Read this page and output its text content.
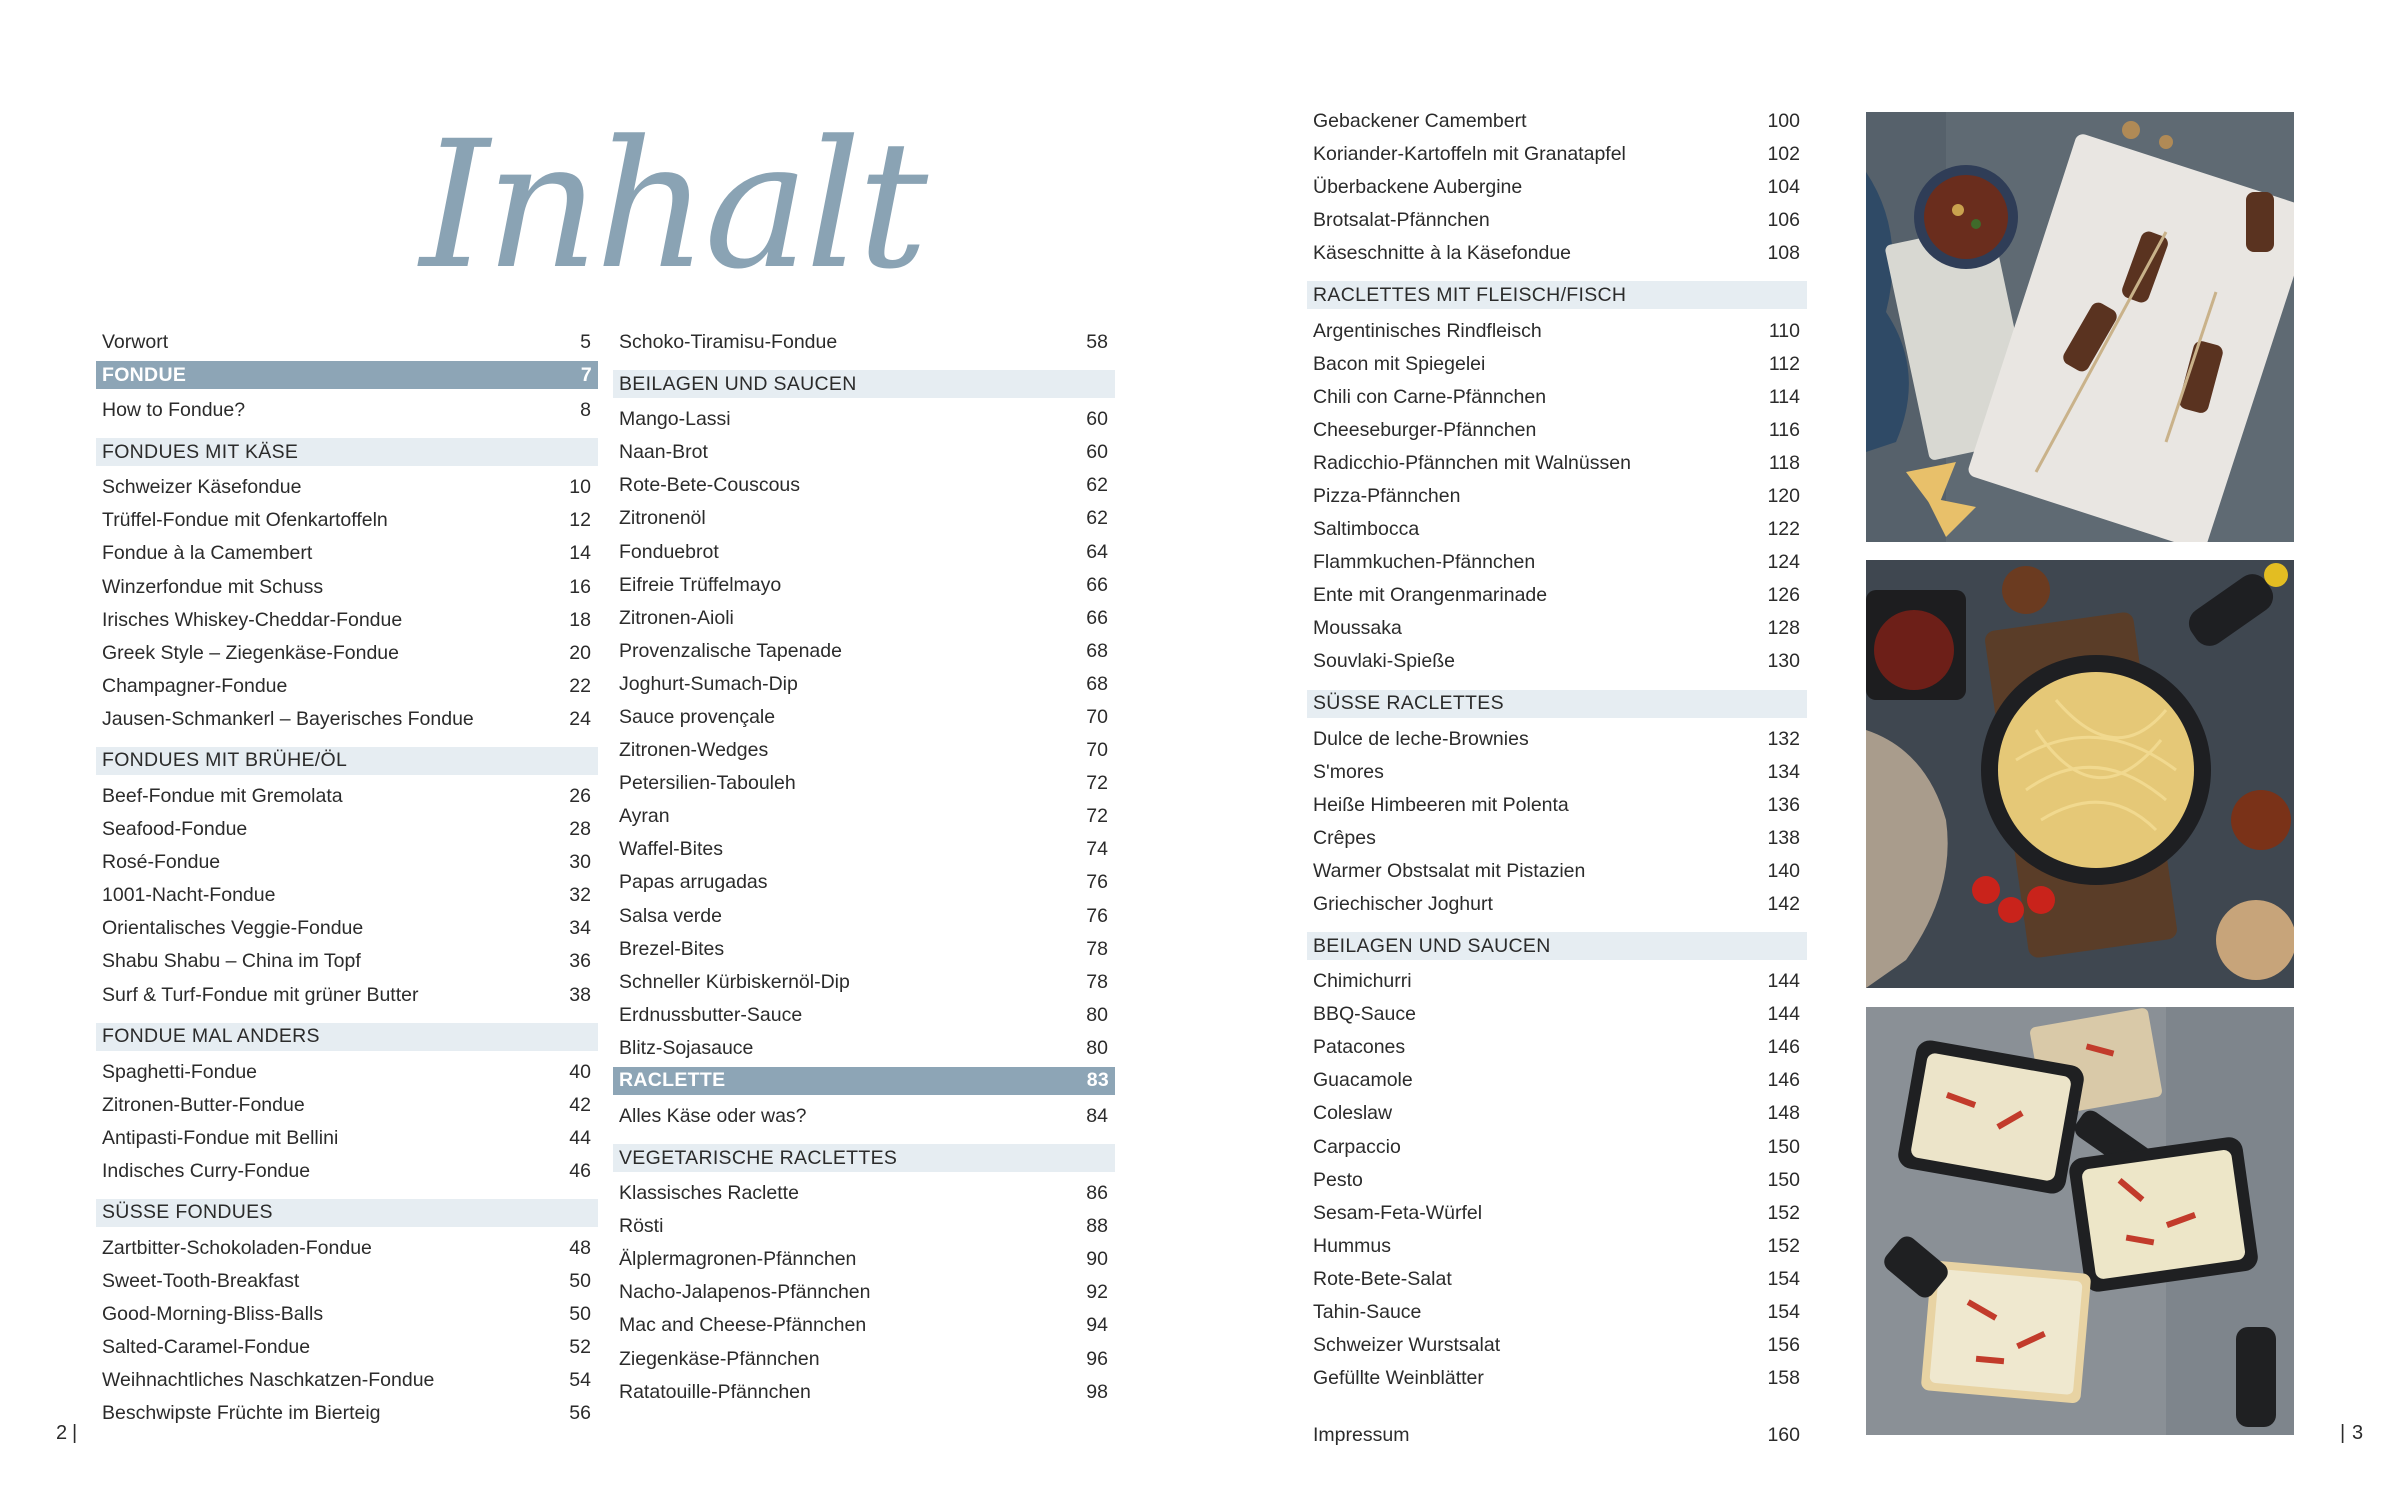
Inhalt
Vorwort	5
FONDUE	7
How to Fondue?	8
FONDUES MIT KÄSE
Schweizer Käsefondue	10
Trüffel-Fondue mit Ofenkartoffeln	12
Fondue à la Camembert	14
Winzerfondue mit Schuss	16
Irisches Whiskey-Cheddar-Fondue	18
Greek Style – Ziegenkäse-Fondue	20
Champagner-Fondue	22
Jausen-Schmankerl – Bayerisches Fondue	24
FONDUES MIT BRÜHE/ÖL
Beef-Fondue mit Gremolata	26
Seafood-Fondue	28
Rosé-Fondue	30
1001-Nacht-Fondue	32
Orientalisches Veggie-Fondue	34
Shabu Shabu – China im Topf	36
Surf & Turf-Fondue mit grüner Butter	38
FONDUE MAL ANDERS
Spaghetti-Fondue	40
Zitronen-Butter-Fondue	42
Antipasti-Fondue mit Bellini	44
Indisches Curry-Fondue	46
SÜSSE FONDUES
Zartbitter-Schokoladen-Fondue	48
Sweet-Tooth-Breakfast	50
Good-Morning-Bliss-Balls	50
Salted-Caramel-Fondue	52
Weihnachtliches Naschkatzen-Fondue	54
Beschwipste Früchte im Bierteig	56
Schoko-Tiramisu-Fondue	58
BEILAGEN UND SAUCEN
Mango-Lassi	60
Naan-Brot	60
Rote-Bete-Couscous	62
Zitronenöl	62
Fonduebrot	64
Eifreie Trüffelmayo	66
Zitronen-Aioli	66
Provenzalische Tapenade	68
Joghurt-Sumach-Dip	68
Sauce provençale	70
Zitronen-Wedges	70
Petersilien-Tabouleh	72
Ayran	72
Waffel-Bites	74
Papas arrugadas	76
Salsa verde	76
Brezel-Bites	78
Schneller Kürbiskernöl-Dip	78
Erdnussbutter-Sauce	80
Blitz-Sojasauce	80
RACLETTE	83
Alles Käse oder was?	84
VEGETARISCHE RACLETTES
Klassisches Raclette	86
Rösti	88
Älplermagronen-Pfännchen	90
Nacho-Jalapenos-Pfännchen	92
Mac and Cheese-Pfännchen	94
Ziegenkäse-Pfännchen	96
Ratatouille-Pfännchen	98
Gebackener Camembert	100
Koriander-Kartoffeln mit Granatapfel	102
Überbackene Aubergine	104
Brotsalat-Pfännchen	106
Käseschnitte à la Käsefondue	108
RACLETTES MIT FLEISCH/FISCH
Argentinisches Rindfleisch	110
Bacon mit Spiegelei	112
Chili con Carne-Pfännchen	114
Cheeseburger-Pfännchen	116
Radicchio-Pfännchen mit Walnüssen	118
Pizza-Pfännchen	120
Saltimbocca	122
Flammkuchen-Pfännchen	124
Ente mit Orangenmarinade	126
Moussaka	128
Souvlaki-Spieße	130
SÜSSE RACLETTES
Dulce de leche-Brownies	132
S'mores	134
Heiße Himbeeren mit Polenta	136
Crêpes	138
Warmer Obstsalat mit Pistazien	140
Griechischer Joghurt	142
BEILAGEN UND SAUCEN
Chimichurri	144
BBQ-Sauce	144
Patacones	146
Guacamole	146
Coleslaw	148
Carpaccio	150
Pesto	150
Sesam-Feta-Würfel	152
Hummus	152
Rote-Bete-Salat	154
Tahin-Sauce	154
Schweizer Wurstsalat	156
Gefüllte Weinblätter	158
Impressum	160
2 |	| 3
